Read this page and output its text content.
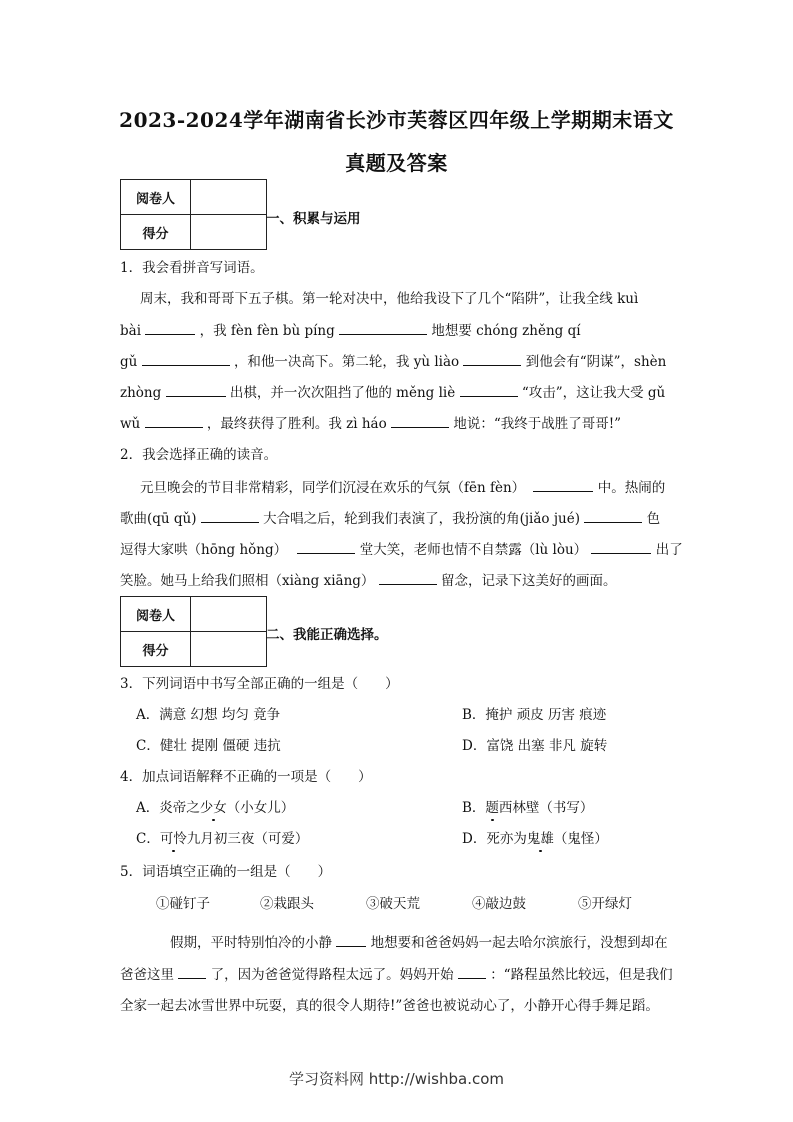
2023-2024学年湖南省长沙市芙蓉区四年级上学期期末语文
真题及答案
阅卷人	
得分	
一、积累与运用
1．我会看拼音写词语。
周末，我和哥哥下五子棋。第一轮对决中，他给我设下了几个“陷阱”，让我全线 kuì
bài	，我 fèn fèn bù píng	地想要 chóng zhěng qí
gǔ	，和他一决高下。第二轮，我 yù liào	到他会有“阴谋”，shèn
zhòng	出棋，并一次次阻挡了他的 měng liè	“攻击”，这让我大受 gǔ
wǔ	，最终获得了胜利。我 zì háo	地说：“我终于战胜了哥哥!”
2．我会选择正确的读音。
元旦晚会的节目非常精彩，同学们沉浸在欢乐的气氛（fēn fèn）	中。热闹的
歌曲(qū qǔ)	大合唱之后，轮到我们表演了，我扮演的角(jiǎo jué)	色
逗得大家哄（hōng hǒng）	堂大笑，老师也情不自禁露（lù lòu）	出了
笑脸。她马上给我们照相（xiàng xiāng）	留念，记录下这美好的画面。
阅卷人	
得分	
二、我能正确选择。
3．下列词语中书写全部正确的一组是（　　）
A．满意 幻想 均匀 竟争	B．掩护 顽皮 历害 痕迹
C．健壮 提刚 僵硬 违抗	D．富饶 出塞 非凡 旋转
4．加点词语解释不正确的一项是（　　）
A．炎帝之少女（小女儿）	B．题西林壁（书写）
C．可怜九月初三夜（可爱）	D．死亦为鬼雄（鬼怪）
5．词语填空正确的一组是（　　）
①碰钉子	②栽跟头	③破天荒	④敲边鼓	⑤开绿灯
假期，平时特别怕冷的小静	地想要和爸爸妈妈一起去哈尔滨旅行，没想到却在
爸爸这里	了，因为爸爸觉得路程太远了。妈妈开始	：“路程虽然比较远，但是我们
全家一起去冰雪世界中玩耍，真的很令人期待!”爸爸也被说动心了，小静开心得手舞足蹈。
学习资料网 http://wishba.com
